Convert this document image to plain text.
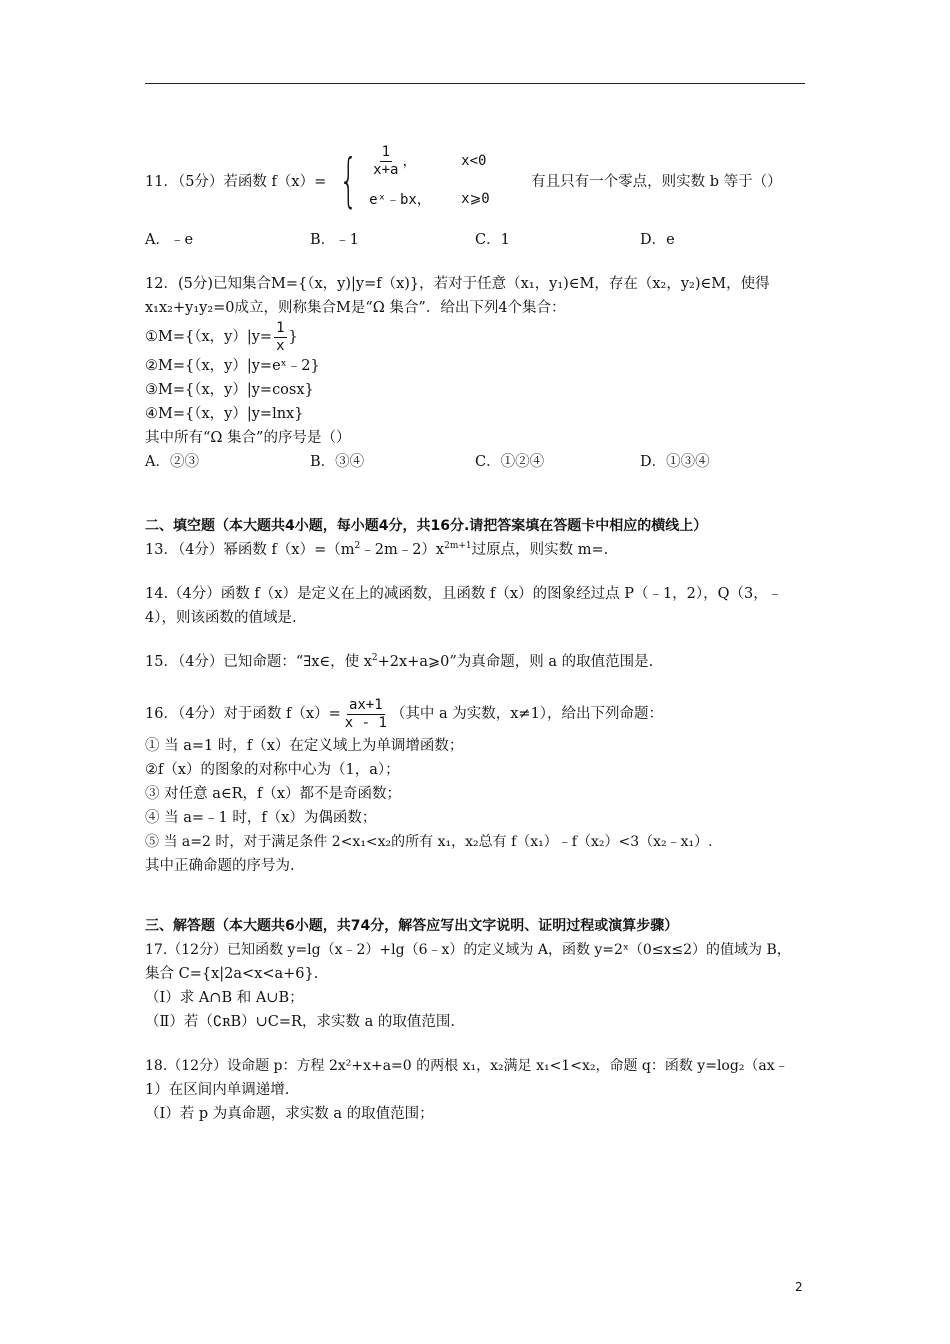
11．（5分）若函数 f（x）= { $\frac{1}{x+a}$ ，	x<0
eˣ﹣bx，	x⩾0
有且只有一个零点，则实数 b 等于（）
A．﹣e	B．﹣1	C．1	D．e
12．(5分)已知集合M={（x，y)|y=f（x)}，若对于任意（x₁，y₁)∈M，存在（x₂，y₂)∈M，使得
x₁x₂+y₁y₂=0成立，则称集合M是“Ω 集合”．给出下列4个集合：
①M={（x，$y)|y= \frac{1}{x}$ }
②M={（x，y）|y=eˣ﹣2}
③M={（x，y）|y=cosx}
④M={（x，y）|y=lnx}
其中所有“Ω 集合”的序号是（）
A．②③	B．③④	C．①②④	D．①③④
二、填空题（本大题共4小题，每小题4分，共16分.请把答案填在答题卡中相应的横线上）
13．（4分）幂函数 $f(x)=(m^2﹣2m﹣2)x^{2m+1}$过原点，则实数 m=.
14.（4分）函数 f（x）是定义在上的减函数，且函数 f（x）的图象经过点 P（﹣1，2），Q（3，﹣
4），则该函数的值域是.
15．（4分）已知命题：“∃x∈，使 $x^2+2x+a⩾0$”为真命题，则 a 的取值范围是.
16．（4分）对于函数 $f(x)= \frac{ax+1}{x - 1}$ （其中 a 为实数，x≠1），给出下列命题：
① 当 a=1 时，f（x）在定义域上为单调增函数；
②f（x）的图象的对称中心为（1，a）；
③ 对任意 a∈R，f（x）都不是奇函数；
④ 当 a=﹣1 时，f（x）为偶函数；
⑤ 当 a=2 时，对于满足条件 2<x₁<x₂的所有 x₁，x₂总有 f（x₁）﹣f（x₂）<3（x₂﹣x₁）.
其中正确命题的序号为.
三、解答题（本大题共6小题，共74分，解答应写出文字说明、证明过程或演算步骤）
17.（12分）已知函数 y=lg（x﹣2）+lg（6﹣x）的定义域为 A，函数 y=2ˣ（0≤x≤2）的值域为 B，
集合 C={x|2a<x<a+6}.
（Ⅰ）求 A∩B 和 A∪B；
（Ⅱ）若（∁ʀB）∪C=R，求实数 a 的取值范围.
18.（12分）设命题 p：方程 2x²+x+a=0 的两根 x₁，x₂满足 x₁<1<x₂，命题 q：函数 y=log₂（ax﹣
1）在区间内单调递增.
（Ⅰ）若 p 为真命题，求实数 a 的取值范围；
2
